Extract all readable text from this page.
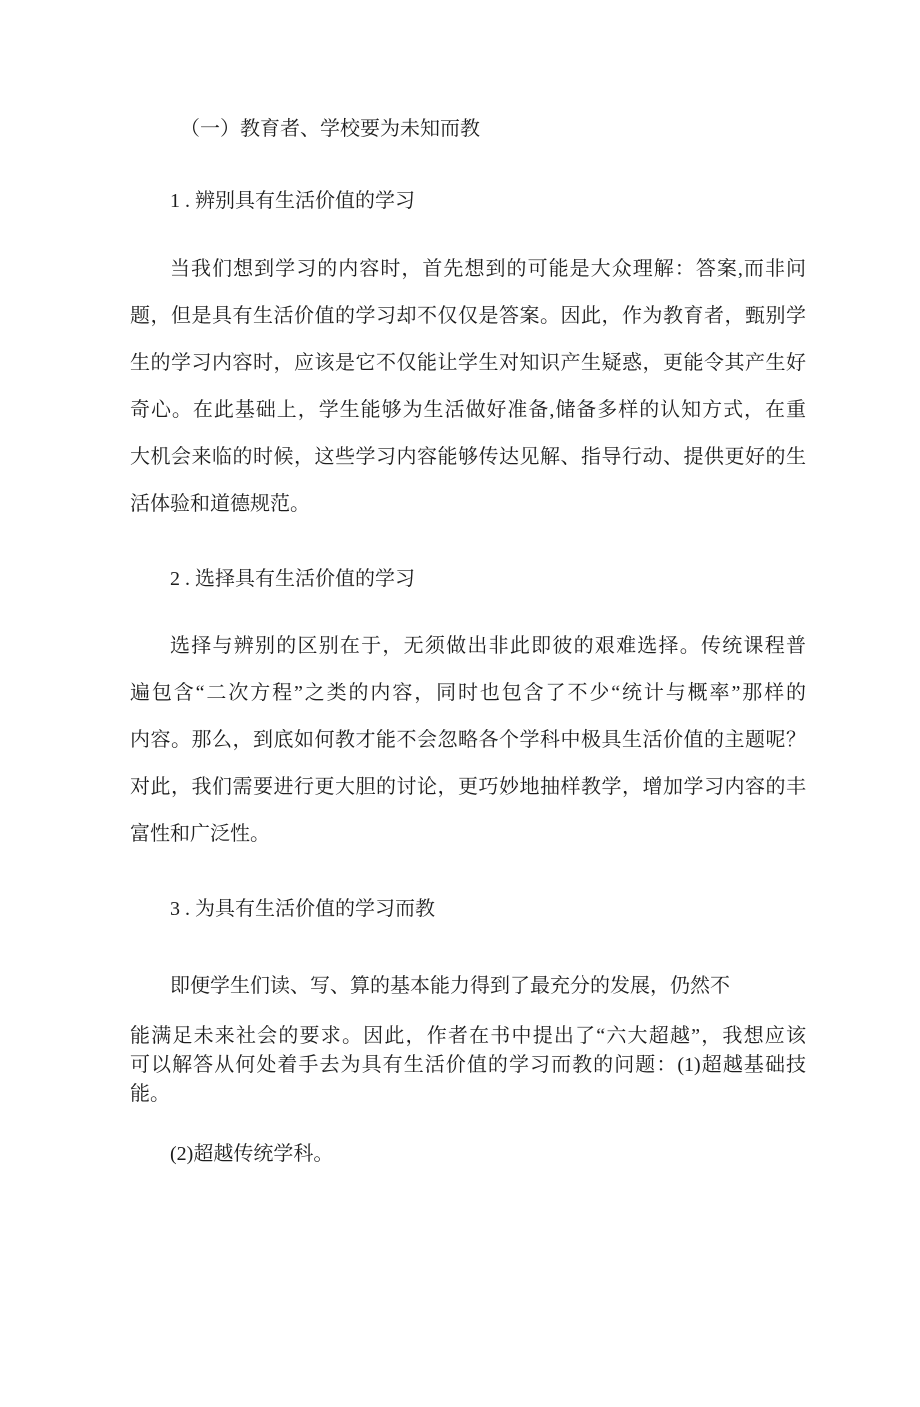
（一）教育者、学校要为未知而教
1 . 辨别具有生活价值的学习
当我们想到学习的内容时，首先想到的可能是大众理解：答案,而非问
题，但是具有生活价值的学习却不仅仅是答案。因此，作为教育者，甄别学
生的学习内容时，应该是它不仅能让学生对知识产生疑惑，更能令其产生好
奇心。在此基础上，学生能够为生活做好准备,储备多样的认知方式，在重
大机会来临的时候，这些学习内容能够传达见解、指导行动、提供更好的生
活体验和道德规范。
2 . 选择具有生活价值的学习
选择与辨别的区别在于，无须做出非此即彼的艰难选择。传统课程普
遍包含“二次方程”之类的内容，同时也包含了不少“统计与概率”那样的
内容。那么，到底如何教才能不会忽略各个学科中极具生活价值的主题呢？
对此，我们需要进行更大胆的讨论，更巧妙地抽样教学，增加学习内容的丰
富性和广泛性。
3 . 为具有生活价值的学习而教
即便学生们读、写、算的基本能力得到了最充分的发展，仍然不
能满足未来社会的要求。因此，作者在书中提出了“六大超越”，我想应该
可以解答从何处着手去为具有生活价值的学习而教的问题：(1)超越基础技
能。
(2)超越传统学科。
